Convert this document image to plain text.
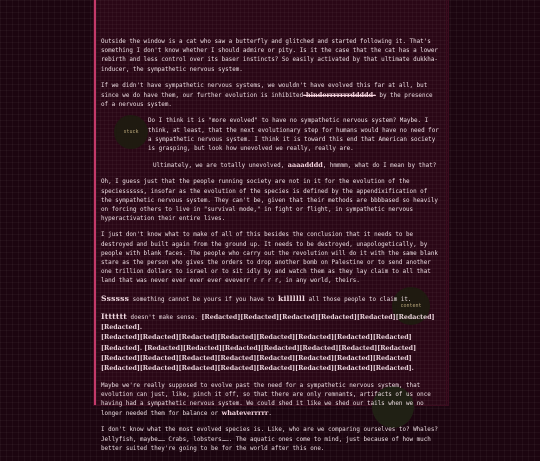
stuck
content

Outside the window is a cat who saw a butterfly and glitched and started following it. That's something I don't know whether I should admire or pity. Is it the case that the cat has a lower rebirth and less control over its baser instincts? So easily activated by that ultimate dukkha-inducer, the sympathetic nervous system.

If we didn't have sympathetic nervous systems, we wouldn't have evolved this far at all, but since we do have them, our further evolution is inhibited-hinderrrrrrrddddd- by the presence of a nervous system.

Do I think it is "more evolved" to have no sympathetic nervous system? Maybe. I think, at least, that the next evolutionary step for humans would have no need for a sympathetic nervous system. I think it is toward this end that American society is grasping, but look how unevolved we really, really are.

Ultimately, we are totally unevolved, aaaadddd, hmmmm, what do I mean by that?

Oh, I guess just that the people running society are not in it for the evolution of the speciessssss, insofar as the evolution of the species is defined by the appendixification of the sympathetic nervous system. They can't be, given that their methods are bbbbased so heavily on forcing others to live in "survival mode," in fight or flight, in sympathetic nervous hyperactivation their entire lives.

I just don't know what to make of all of this besides the conclusion that it needs to be destroyed and built again from the ground up. It needs to be destroyed, unapologetically, by people with blank faces. The people who carry out the revolution will do it with the same blank stare as the person who gives the orders to drop another bomb on Palestine or to send another one trillion dollars to israel or to sit idly by and watch them as they lay claim to all that land that was never ever ever ever eveverr r r r r, in any world, theirs.

Ssssss something cannot be yours if you have to killllll all those people to claim it.

Itttttt doesn't make sense. [Redacted][Redacted][Redacted][Redacted][Redacted][Redacted][Redacted].
[Redacted][Redacted][Redacted][Redacted][Redacted][Redacted][Redacted][Redacted]
[Redacted]. [Redacted][Redacted][Redacted][Redacted][Redacted][Redacted][Redacted]
[Redacted][Redacted][Redacted][Redacted][Redacted][Redacted][Redacted][Redacted]
[Redacted][Redacted][Redacted][Redacted][Redacted][Redacted][Redacted][Redacted].

Maybe we're really supposed to evolve past the need for a sympathetic nervous system, that evolution can just, like, pinch it off, so that there are only remnants, artifacts of us once having had a sympathetic nervous system. We could shed it like we shed our tails when we no longer needed them for balance or whateverrrrr.

I don't know what the most evolved species is. Like, who are we comparing ourselves to? Whales? Jellyfish, maybe…… Crabs, lobsters……. The aquatic ones come to mind, just because of how much better suited they're going to be for the world after this one.
